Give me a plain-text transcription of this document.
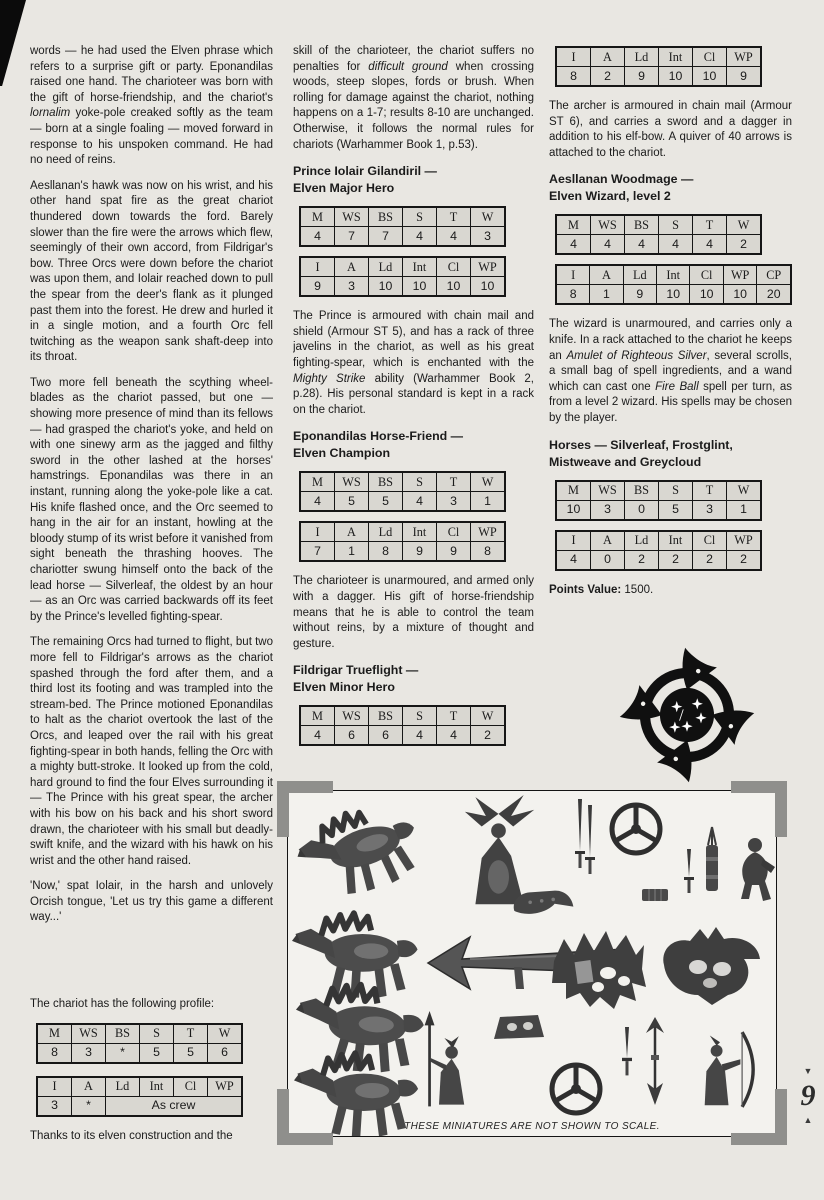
words — he had used the Elven phrase which refers to a surprise gift or party. Eponandilas raised one hand. The charioteer was born with the gift of horse-friendship, and the chariot's lornalim yoke-pole creaked softly as the team — born at a single foaling — moved forward in response to his unspoken command. He had no need of reins.

Aesllanan's hawk was now on his wrist, and his other hand spat fire as the great chariot thundered down towards the ford. Barely slower than the fire were the arrows which flew, seemingly of their own accord, from Fildrigar's bow. Three Orcs were down before the chariot was upon them, and Iolair reached down to pull the spear from the deer's flank as it plunged past them into the forest. He drew and hurled it in a single motion, and a fourth Orc fell twitching as the weapon sank shaft-deep into its throat.

Two more fell beneath the scything wheel-blades as the chariot passed, but one — showing more presence of mind than its fellows — had grasped the chariot's yoke, and held on with one sinewy arm as the jagged and filthy sword in the other lashed at the horses' hamstrings. Eponandilas was there in an instant, running along the yoke-pole like a cat. His knife flashed once, and the Orc seemed to hang in the air for an instant, howling at the bloody stump of its wrist before it vanished from sight beneath the thrashing hooves. The chariotter swung himself onto the back of the lead horse — Silverleaf, the oldest by an hour — as an Orc was carried backwards off its feet by the Prince's levelled fighting-spear.

The remaining Orcs had turned to flight, but two more fell to Fildrigar's arrows as the chariot spashed through the ford after them, and a third lost its footing and was trampled into the stream-bed. The Prince motioned Eponandilas to halt as the chariot overtook the last of the Orcs, and leaped over the rail with his great fighting-spear in both hands, felling the Orc with a mighty butt-stroke. It looked up from the cold, hard ground to find the four Elves surrounding it — The Prince with his great spear, the archer with his bow on his back and his short sword drawn, the charioteer with his small but deadly-swift knife, and the wizard with his hawk on his wrist and the other hand raised.

'Now,' spat Iolair, in the harsh and unlovely Orcish tongue, 'Let us try this game a different way...'

The chariot has the following profile:

M	WS	BS	S	T	W
8	3	*	5	5	6
I	A	Ld	Int	Cl	WP
3	*	As crew			

Thanks to its elven construction and the

skill of the charioteer, the chariot suffers no penalties for difficult ground when crossing woods, steep slopes, fords or brush. When rolling for damage against the chariot, nothing happens on a 1-7; results 8-10 are unchanged. Otherwise, it follows the normal rules for chariots (Warhammer Book 1, p.53).

Prince Iolair Gilandiril —
Elven Major Hero
M	WS	BS	S	T	W
4	7	7	4	4	3
I	A	Ld	Int	Cl	WP
9	3	10	10	10	10

The Prince is armoured with chain mail and shield (Armour ST 5), and has a rack of three javelins in the chariot, as well as his great fighting-spear, which is enchanted with the Mighty Strike ability (Warhammer Book 2, p.28). His personal standard is kept in a rack on the chariot.

Eponandilas Horse-Friend —
Elven Champion
M	WS	BS	S	T	W
4	5	5	4	3	1
I	A	Ld	Int	Cl	WP
7	1	8	9	9	8

The charioteer is unarmoured, and armed only with a dagger. His gift of horse-friendship means that he is able to control the team without reins, by a mixture of thought and gesture.

Fildrigar Trueflight —
Elven Minor Hero
M	WS	BS	S	T	W
4	6	6	4	4	2
I	A	Ld	Int	Cl	WP
8	2	9	10	10	9

The archer is armoured in chain mail (Armour ST 6), and carries a sword and a dagger in addition to his elf-bow. A quiver of 40 arrows is attached to the chariot.

Aesllanan Woodmage —
Elven Wizard, level 2
M	WS	BS	S	T	W
4	4	4	4	4	2
I	A	Ld	Int	Cl	WP	CP
8	1	9	10	10	10	20

The wizard is unarmoured, and carries only a knife. In a rack attached to the chariot he keeps an Amulet of Righteous Silver, several scrolls, a small bag of spell ingredients, and a wand which can cast one Fire Ball spell per turn, as from a level 2 wizard. His spells may be chosen by the player.

Horses — Silverleaf, Frostglint,
Mistweave and Greycloud
M	WS	BS	S	T	W
10	3	0	5	3	1
I	A	Ld	Int	Cl	WP
4	0	2	2	2	2

Points Value: 1500.

THESE MINIATURES ARE NOT SHOWN TO SCALE.
▼
9
▲
